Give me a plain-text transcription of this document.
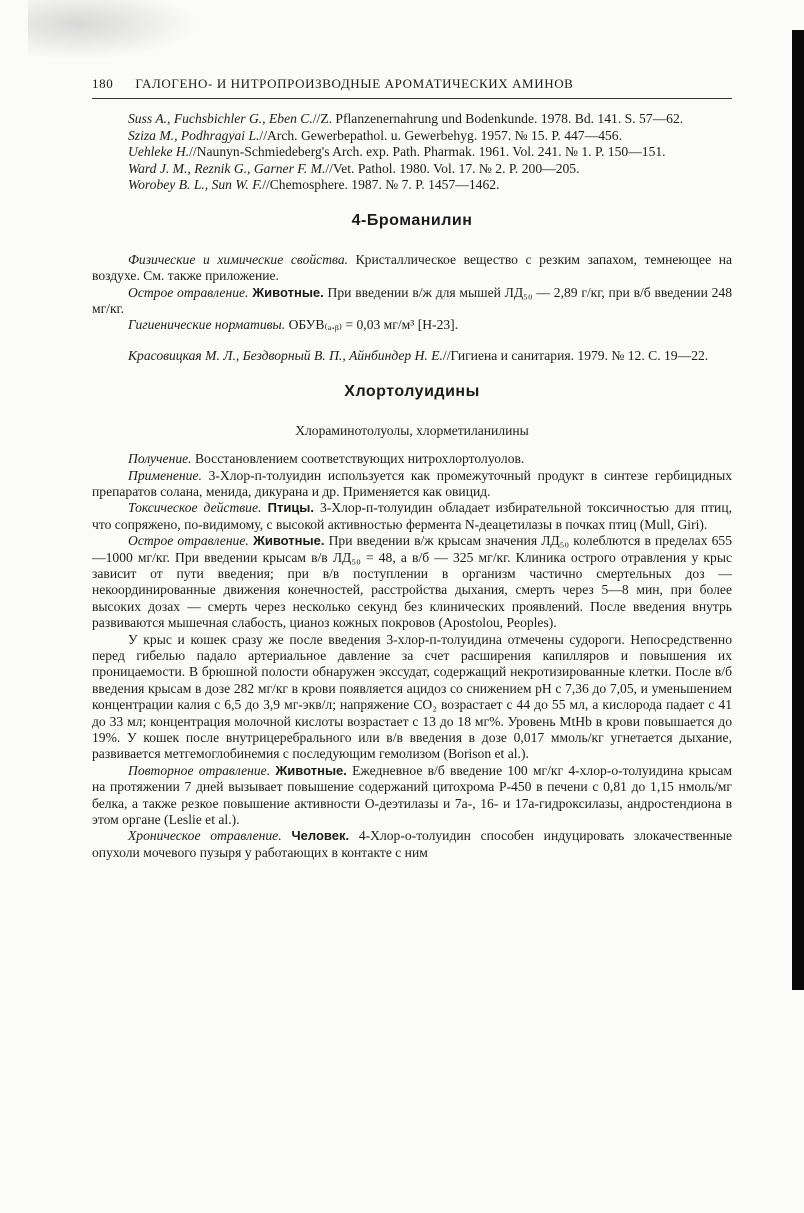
180 ГАЛОГЕНО- И НИТРОПРОИЗВОДНЫЕ АРОМАТИЧЕСКИХ АМИНОВ

Suss A., Fuchsbichler G., Eben C.//Z. Pflanzenernahrung und Bodenkunde. 1978. Bd. 141. S. 57—62.

Sziza M., Podhragyai L.//Arch. Gewerbepathol. u. Gewerbehyg. 1957. № 15. P. 447—456.

Uehleke H.//Naunyn-Schmiedeberg's Arch. exp. Path. Pharmak. 1961. Vol. 241. № 1. P. 150—151.

Ward J. M., Reznik G., Garner F. M.//Vet. Pathol. 1980. Vol. 17. № 2. P. 200—205.

Worobey B. L., Sun W. F.//Chemosphere. 1987. № 7. P. 1457—1462.

4-Броманилин

Физические и химические свойства. Кристаллическое вещество с резким запахом, темнеющее на воздухе. См. также приложение.

Острое отравление. Животные. При введении в/ж для мышей ЛД₅₀ — 2,89 г/кг, при в/б введении 248 мг/кг.

Гигиенические нормативы. ОБУВ₍ₐ.ᵦ₎ = 0,03 мг/м³ [Н-23].

Красовицкая М. Л., Бездворный В. П., Айнбиндер Н. Е.//Гигиена и санитария. 1979. № 12. С. 19—22.

Хлортолуидины

Хлораминотолуолы, хлорметиланилины

Получение. Восстановлением соответствующих нитрохлортолуолов.

Применение. 3-Хлор-п-толуидин используется как промежуточный продукт в синтезе гербицидных препаратов солана, менида, дикурана и др. Применяется как овицид.

Токсическое действие. Птицы. 3-Хлор-п-толуидин обладает избирательной токсичностью для птиц, что сопряжено, по-видимому, с высокой активностью фермента N-деацетилазы в почках птиц (Mull, Giri).

Острое отравление. Животные. При введении в/ж крысам значения ЛД₅₀ колеблются в пределах 655—1000 мг/кг. При введении крысам в/в ЛД₅₀ = 48, а в/б — 325 мг/кг. Клиника острого отравления у крыс зависит от пути введения; при в/в поступлении в организм частично смертельных доз — некоординированные движения конечностей, расстройства дыхания, смерть через 5—8 мин, при более высоких дозах — смерть через несколько секунд без клинических проявлений. После введения внутрь развиваются мышечная слабость, цианоз кожных покровов (Apostolou, Peoples).

У крыс и кошек сразу же после введения 3-хлор-п-толуидина отмечены судороги. Непосредственно перед гибелью падало артериальное давление за счет расширения капилляров и повышения их проницаемости. В брюшной полости обнаружен экссудат, содержащий некротизированные клетки. После в/б введения крысам в дозе 282 мг/кг в крови появляется ацидоз со снижением pH с 7,36 до 7,05, и уменьшением концентрации калия с 6,5 до 3,9 мг-экв/л; напряжение CO₂ возрастает с 44 до 55 мл, а кислорода падает с 41 до 33 мл; концентрация молочной кислоты возрастает с 13 до 18 мг%. Уровень MtHb в крови повышается до 19%. У кошек после внутрицеребрального или в/в введения в дозе 0,017 ммоль/кг угнетается дыхание, развивается метгемоглобинемия с последующим гемолизом (Borison et al.).

Повторное отравление. Животные. Ежедневное в/б введение 100 мг/кг 4-хлор-о-толуидина крысам на протяжении 7 дней вызывает повышение содержаний цитохрома P-450 в печени с 0,81 до 1,15 нмоль/мг белка, а также резкое повышение активности О-деэтилазы и 7а-, 16- и 17а-гидроксилазы, андростендиона в этом органе (Leslie et al.).

Хроническое отравление. Человек. 4-Хлор-о-толуидин способен индуцировать злокачественные опухоли мочевого пузыря у работающих в контакте с ним
